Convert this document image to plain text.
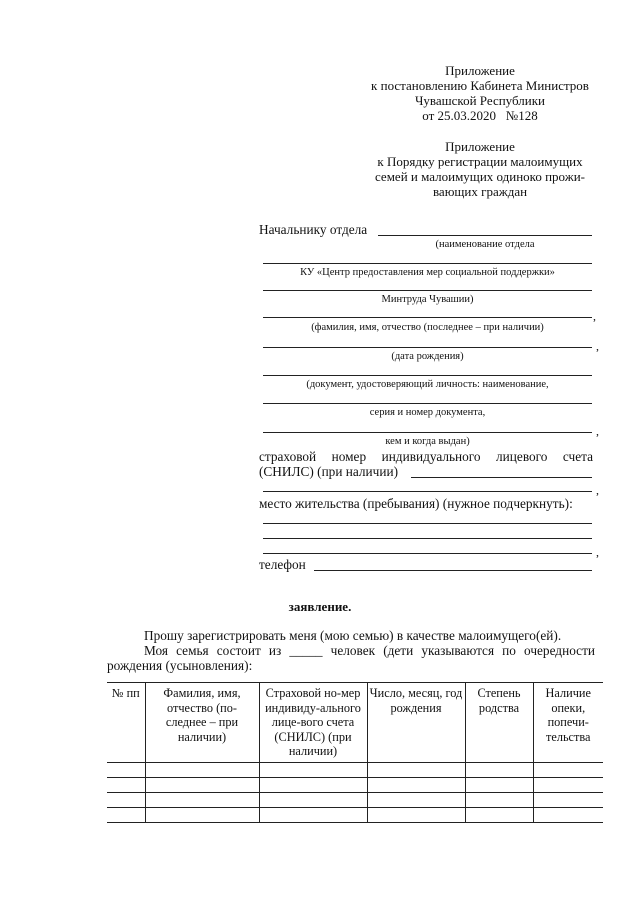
Приложение
к постановлению Кабинета Министров
Чувашской Республики
от 25.03.2020   №128
Приложение
к Порядку регистрации малоимущих
семей и малоимущих одиноко прожи-
вающих граждан
Начальнику отдела
(наименование отдела
КУ «Центр предоставления мер социальной поддержки»
Минтруда Чувашии)
,
(фамилия, имя, отчество (последнее – при наличии)
,
(дата рождения)
(документ, удостоверяющий личность: наименование,
серия и номер документа,
,
кем и когда выдан)
страховой номер индивидуального лицевого счета
(СНИЛС) (при наличии)
,
место жительства (пребывания) (нужное подчеркнуть):
,
телефон
заявление.
Прошу зарегистрировать меня (мою семью) в качестве малоимущего(ей).
Моя семья состоит из _____ человек (дети указываются по очередности рождения (усыновления):
№ пп	Фамилия, имя, отчество (по-следнее – при наличии)	Страховой но-мер индивиду-ального лице-вого счета (СНИЛС) (при наличии)	Число, месяц, год рождения	Степень родства	Наличие опеки, попечи-тельства
